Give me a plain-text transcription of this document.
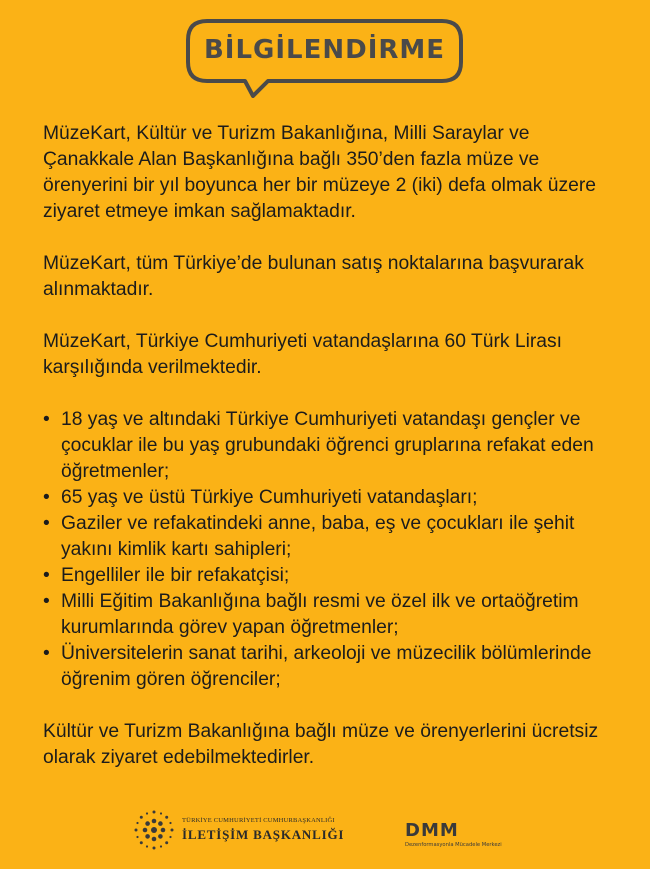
BİLGİLENDİRME

MüzeKart, Kültür ve Turizm Bakanlığına, Milli Saraylar ve Çanakkale Alan Başkanlığına bağlı 350’den fazla müze ve örenyerini bir yıl boyunca her bir müzeye 2 (iki) defa olmak üzere ziyaret etmeye imkan sağlamaktadır.

MüzeKart, tüm Türkiye’de bulunan satış noktalarına başvurarak alınmaktadır.

MüzeKart, Türkiye Cumhuriyeti vatandaşlarına 60 Türk Lirası karşılığında verilmektedir.

• 18 yaş ve altındaki Türkiye Cumhuriyeti vatandaşı gençler ve çocuklar ile bu yaş grubundaki öğrenci gruplarına refakat eden öğretmenler;
• 65 yaş ve üstü Türkiye Cumhuriyeti vatandaşları;
• Gaziler ve refakatindeki anne, baba, eş ve çocukları ile şehit yakını kimlik kartı sahipleri;
• Engelliler ile bir refakatçisi;
• Milli Eğitim Bakanlığına bağlı resmi ve özel ilk ve ortaöğretim kurumlarında görev yapan öğretmenler;
• Üniversitelerin sanat tarihi, arkeoloji ve müzecilik bölümlerinde öğrenim gören öğrenciler;

Kültür ve Turizm Bakanlığına bağlı müze ve örenyerlerini ücretsiz olarak ziyaret edebilmektedirler.

TÜRKİYE CUMHURİYETİ CUMHURBAŞKANLIĞI
İLETİŞİM BAŞKANLIĞI	DMM
Dezenformasyonla Mücadele Merkezi
